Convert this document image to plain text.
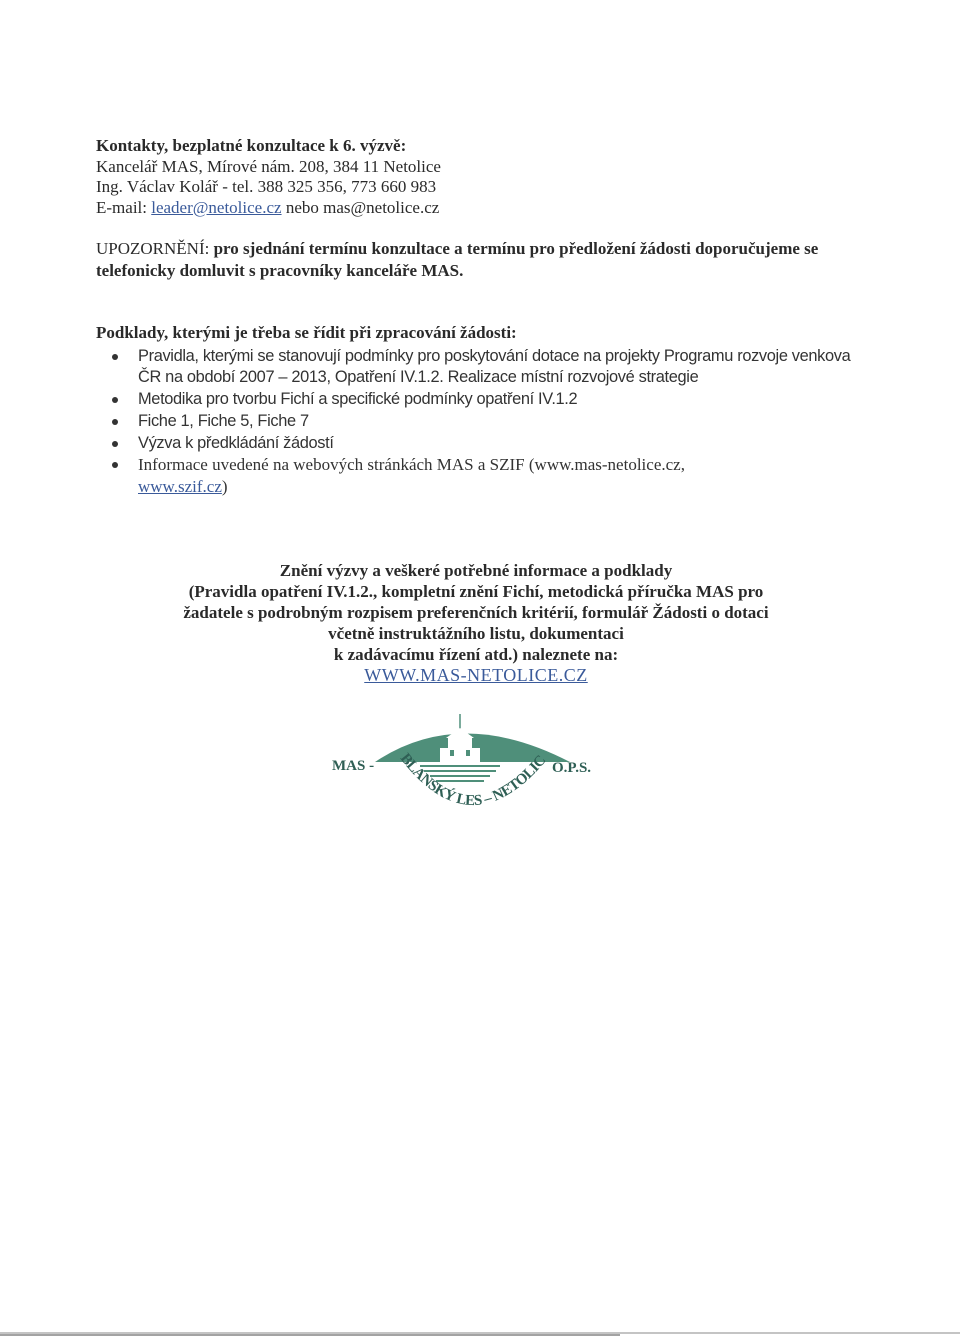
Kontakty, bezplatné konzultace k 6. výzvě:
Kancelář MAS, Mírové nám. 208, 384 11 Netolice
Ing. Václav Kolář - tel. 388 325 356, 773 660 983
E-mail: leader@netolice.cz nebo mas@netolice.cz
UPOZORNĚNÍ: pro sjednání termínu konzultace a termínu pro předložení žádosti doporučujeme se telefonicky domluvit s pracovníky kanceláře MAS.
Podklady, kterými je třeba se řídit při zpracování žádosti:
Pravidla, kterými se stanovují podmínky pro poskytování dotace na projekty Programu rozvoje venkova ČR na období 2007 – 2013, Opatření IV.1.2. Realizace místní rozvojové strategie
Metodika pro tvorbu Fichí a specifické podmínky opatření IV.1.2
Fiche 1, Fiche 5, Fiche 7
Výzva k předkládání žádostí
Informace uvedené na webových stránkách MAS a SZIF (www.mas-netolice.cz,
www.szif.cz)
Znění výzvy a veškeré potřebné informace a podklady
(Pravidla opatření IV.1.2., kompletní znění Fichí, metodická příručka MAS pro
žadatele s podrobným rozpisem preferenčních kritérií, formulář Žádosti o dotaci
včetně instruktážního listu, dokumentaci
k zadávacímu řízení atd.) naleznete na:
WWW.MAS-NETOLICE.CZ
MAS -	BLANSKÝ LES – NETOLIC O.P.S.
